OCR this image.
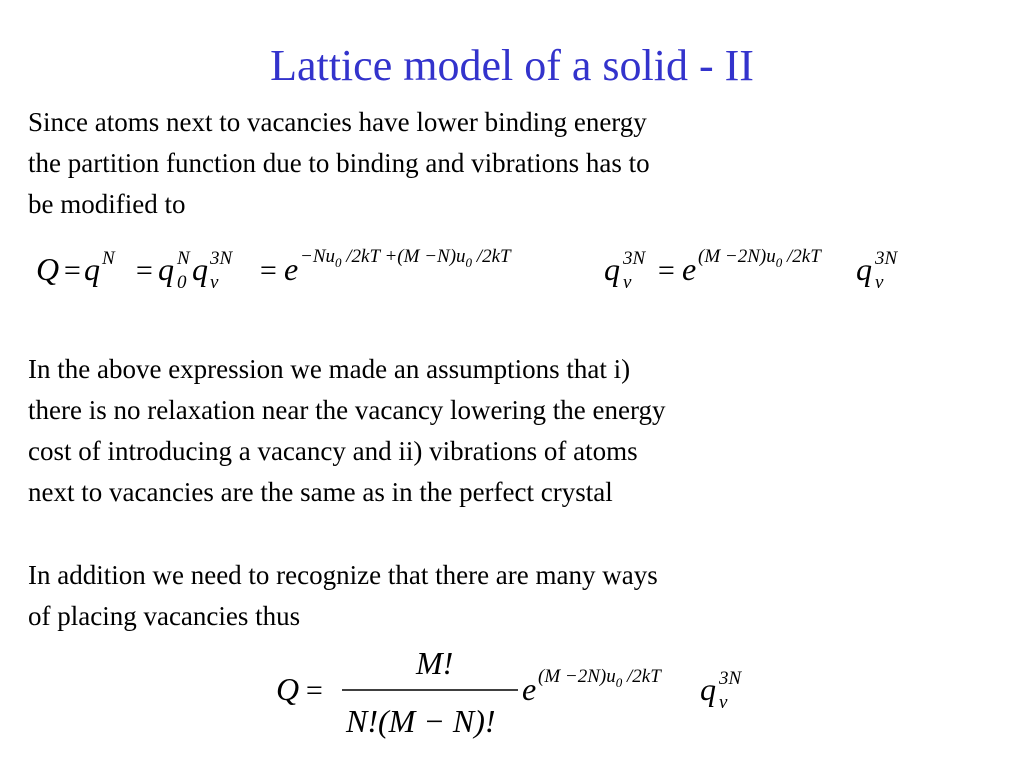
Lattice model of a solid - II

Since atoms next to vacancies have lower binding energy
the partition function due to binding and vibrations has to
be modified to

Q = q N = q N
0 q 3N
$v = e -Nu_0$ $/2kT +(M -N)u_0$ /2kT	q 3N
v = e $(M -2N)u_0$ /2kT q 3N
v

In the above expression we made an assumptions that i)
there is no relaxation near the vacancy lowering the energy
cost of introducing a vacancy and ii) vibrations of atoms
next to vacancies are the same as in the perfect crystal

In addition we need to recognize that there are many ways
of placing vacancies thus

Q =
M!
N!(M − N)!
e $(M -2N)u_0$ /2kT q 3N
v
